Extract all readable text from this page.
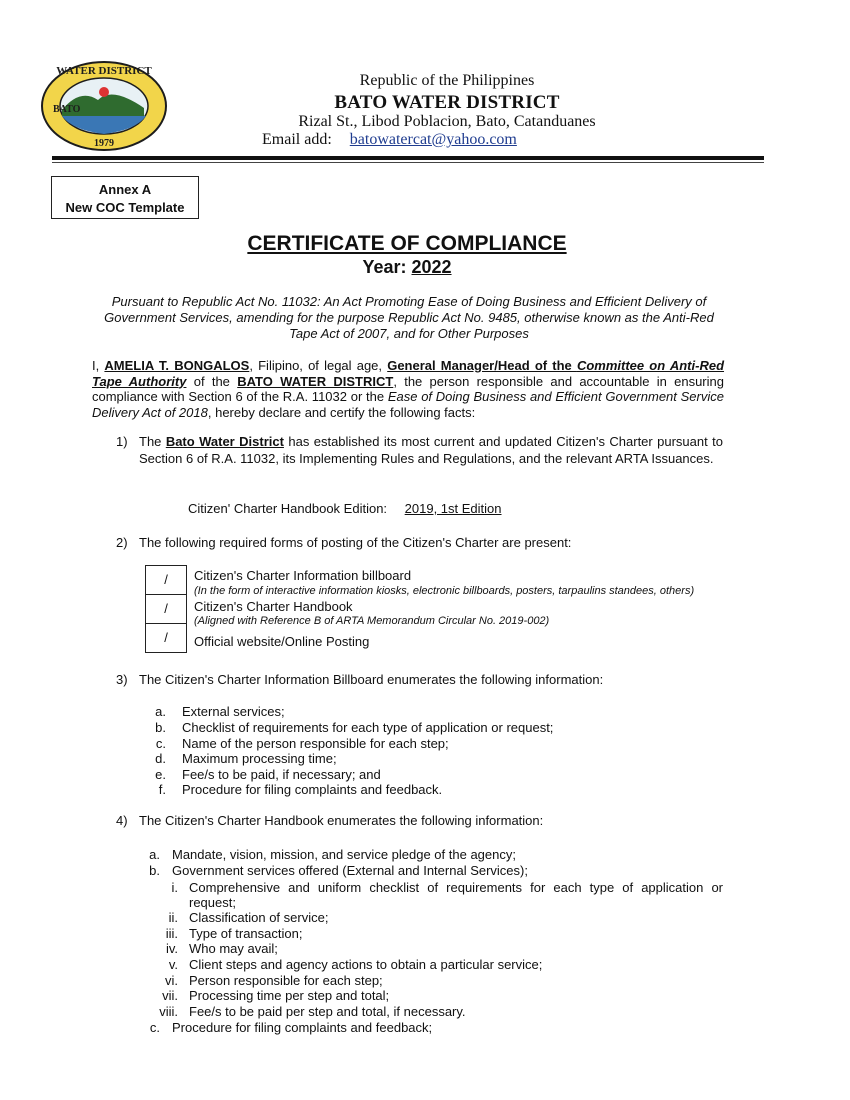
WATER DISTRICT
BATO
1979
Republic of the Philippines
BATO WATER DISTRICT
Rizal St., Libod Poblacion, Bato, Catanduanes
Email add: batowatercat@yahoo.com
Annex A
New COC Template
CERTIFICATE OF COMPLIANCE
Year: 2022
Pursuant to Republic Act No. 11032: An Act Promoting Ease of Doing Business and Efficient Delivery of Government Services, amending for the purpose Republic Act No. 9485, otherwise known as the Anti-Red Tape Act of 2007, and for Other Purposes
I, AMELIA T. BONGALOS, Filipino, of legal age, General Manager/Head of the Committee on Anti-Red Tape Authority of the BATO WATER DISTRICT, the person responsible and accountable in ensuring compliance with Section 6 of the R.A. 11032 or the Ease of Doing Business and Efficient Government Service Delivery Act of 2018, hereby declare and certify the following facts:
1) The Bato Water District has established its most current and updated Citizen's Charter pursuant to Section 6 of R.A. 11032, its Implementing Rules and Regulations, and the relevant ARTA Issuances.
Citizen' Charter Handbook Edition: 2019, 1st Edition
2) The following required forms of posting of the Citizen's Charter are present:
/
/
/
Citizen's Charter Information billboard
(In the form of interactive information kiosks, electronic billboards, posters, tarpaulins standees, others)
Citizen's Charter Handbook
(Aligned with Reference B of ARTA Memorandum Circular No. 2019-002)
Official website/Online Posting
3) The Citizen's Charter Information Billboard enumerates the following information:
a. External services;
b. Checklist of requirements for each type of application or request;
c. Name of the person responsible for each step;
d. Maximum processing time;
e. Fee/s to be paid, if necessary; and
f. Procedure for filing complaints and feedback.
4) The Citizen's Charter Handbook enumerates the following information:
a. Mandate, vision, mission, and service pledge of the agency;
b. Government services offered (External and Internal Services);
i. Comprehensive and uniform checklist of requirements for each type of application or
request;
ii. Classification of service;
iii. Type of transaction;
iv. Who may avail;
v. Client steps and agency actions to obtain a particular service;
vi. Person responsible for each step;
vii. Processing time per step and total;
viii. Fee/s to be paid per step and total, if necessary.
c. Procedure for filing complaints and feedback;
